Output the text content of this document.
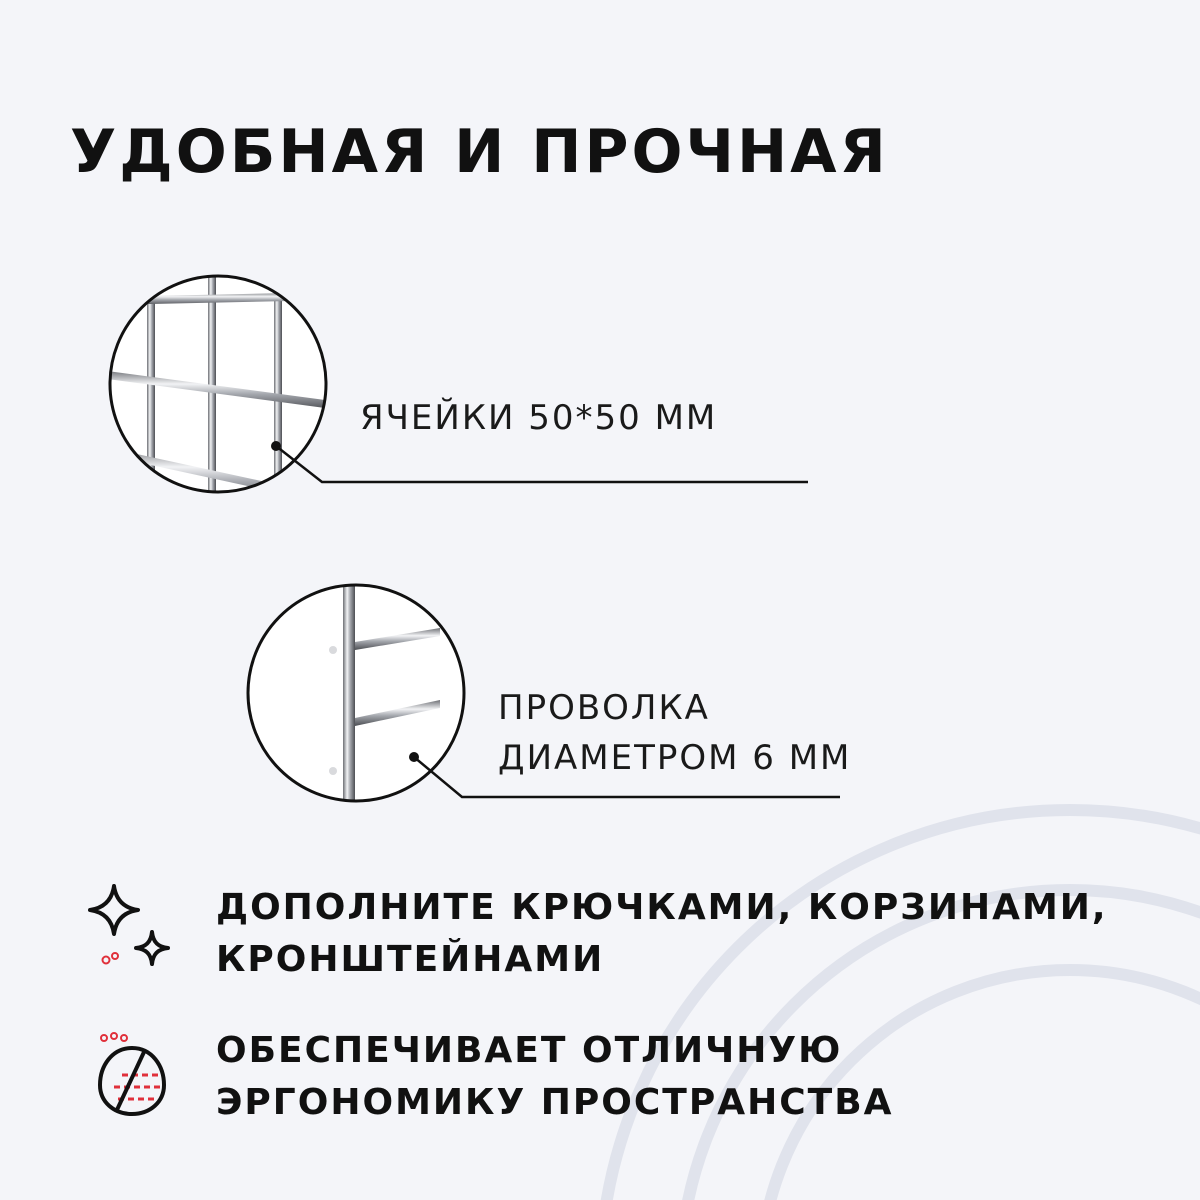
УДОБНАЯ И ПРОЧНАЯ
ЯЧЕЙКИ 50*50 ММ
ПРОВОЛКА
ДИАМЕТРОМ 6 ММ
ДОПОЛНИТЕ КРЮЧКАМИ, КОРЗИНАМИ,
КРОНШТЕЙНАМИ
ОБЕСПЕЧИВАЕТ ОТЛИЧНУЮ
ЭРГОНОМИКУ ПРОСТРАНСТВА
